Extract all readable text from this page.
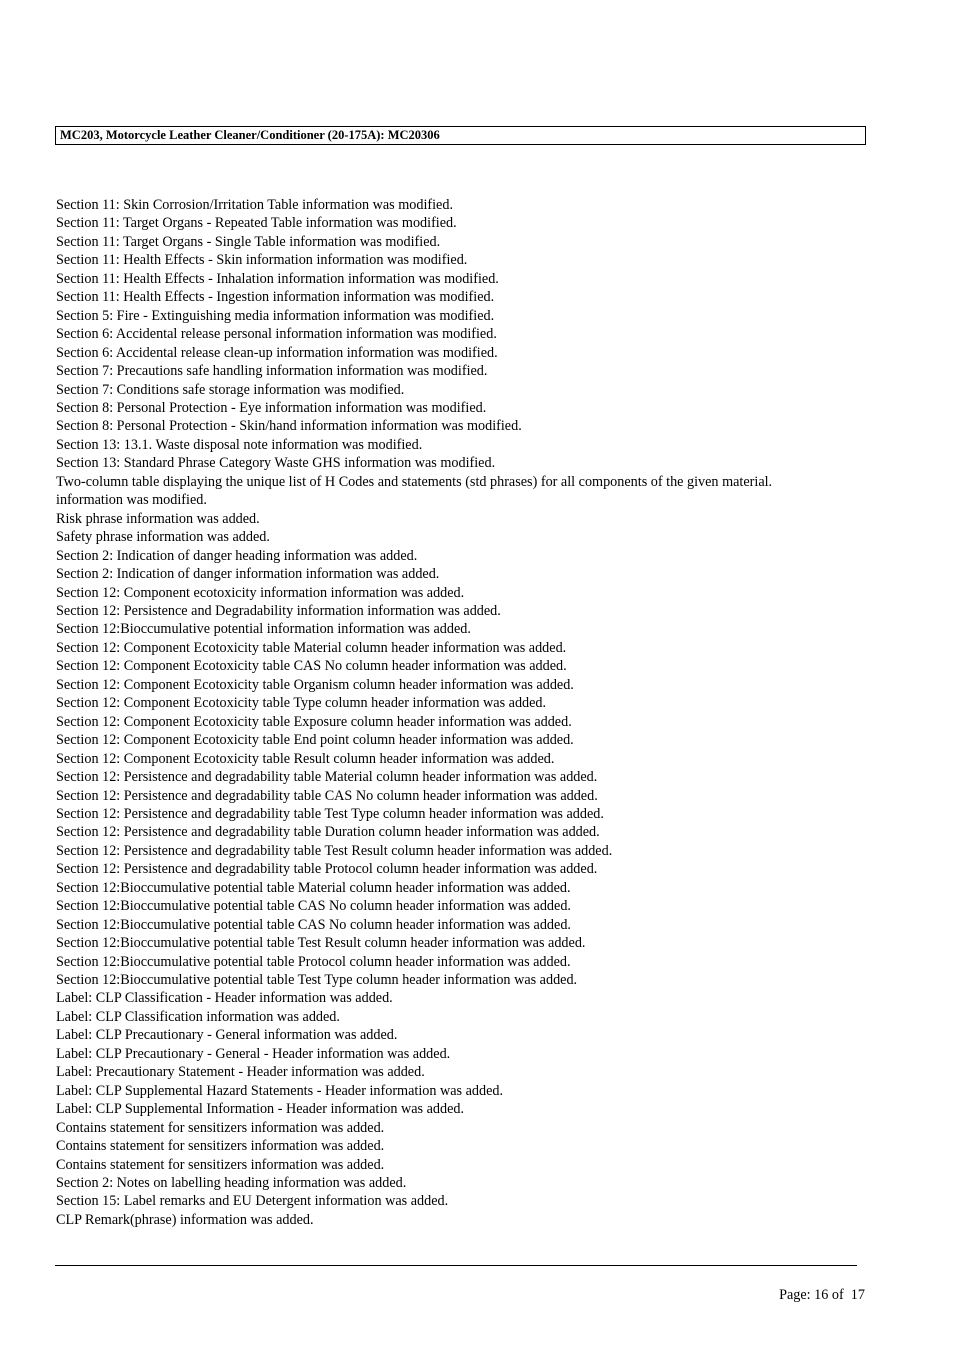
MC203, Motorcycle Leather Cleaner/Conditioner (20-175A): MC20306
Section 11: Skin Corrosion/Irritation Table information was modified.
Section 11: Target Organs - Repeated Table information was modified.
Section 11: Target Organs - Single Table information was modified.
Section 11: Health Effects - Skin information information was modified.
Section 11: Health Effects - Inhalation information information was modified.
Section 11: Health Effects - Ingestion information information was modified.
Section 5: Fire - Extinguishing media information information was modified.
Section 6: Accidental release personal information information was modified.
Section 6: Accidental release clean-up information information was modified.
Section 7: Precautions safe handling information information was modified.
Section 7: Conditions safe storage information was modified.
Section 8: Personal Protection - Eye information information was modified.
Section 8: Personal Protection - Skin/hand information information was modified.
Section 13: 13.1. Waste disposal note information was modified.
Section 13: Standard Phrase Category Waste GHS information was modified.
Two-column table displaying the unique list of H Codes and statements (std phrases) for all components of the given material. information was modified.
Risk phrase information was added.
Safety phrase information was added.
Section 2: Indication of danger heading information was added.
Section 2: Indication of danger information information was added.
Section 12: Component ecotoxicity information information was added.
Section 12: Persistence and Degradability information information was added.
Section 12:Bioccumulative potential information information was added.
Section 12: Component Ecotoxicity table Material column header information was added.
Section 12: Component Ecotoxicity table CAS No column header information was added.
Section 12: Component Ecotoxicity table Organism column header information was added.
Section 12: Component Ecotoxicity table Type column header information was added.
Section 12: Component Ecotoxicity table Exposure column header information was added.
Section 12: Component Ecotoxicity table End point column header information was added.
Section 12: Component Ecotoxicity table Result column header information was added.
Section 12: Persistence and degradability table Material column header information was added.
Section 12: Persistence and degradability table CAS No column header information was added.
Section 12: Persistence and degradability table Test Type column header information was added.
Section 12: Persistence and degradability table Duration column header information was added.
Section 12: Persistence and degradability table Test Result column header information was added.
Section 12: Persistence and degradability table Protocol column header information was added.
Section 12:Bioccumulative potential table Material column header information was added.
Section 12:Bioccumulative potential table CAS No column header information was added.
Section 12:Bioccumulative potential table CAS No column header information was added.
Section 12:Bioccumulative potential table Test Result column header information was added.
Section 12:Bioccumulative potential table Protocol column header information was added.
Section 12:Bioccumulative potential table Test Type column header information was added.
Label: CLP Classification - Header information was added.
Label: CLP Classification information was added.
Label: CLP Precautionary - General information was added.
Label: CLP Precautionary - General - Header information was added.
Label: Precautionary Statement - Header information was added.
Label: CLP Supplemental Hazard Statements - Header information was added.
Label: CLP Supplemental Information - Header information was added.
Contains statement for sensitizers information was added.
Contains statement for sensitizers information was added.
Contains statement for sensitizers information was added.
Section 2: Notes on labelling heading information was added.
Section 15: Label remarks and EU Detergent information was added.
CLP Remark(phrase) information was added.
Page: 16 of  17
